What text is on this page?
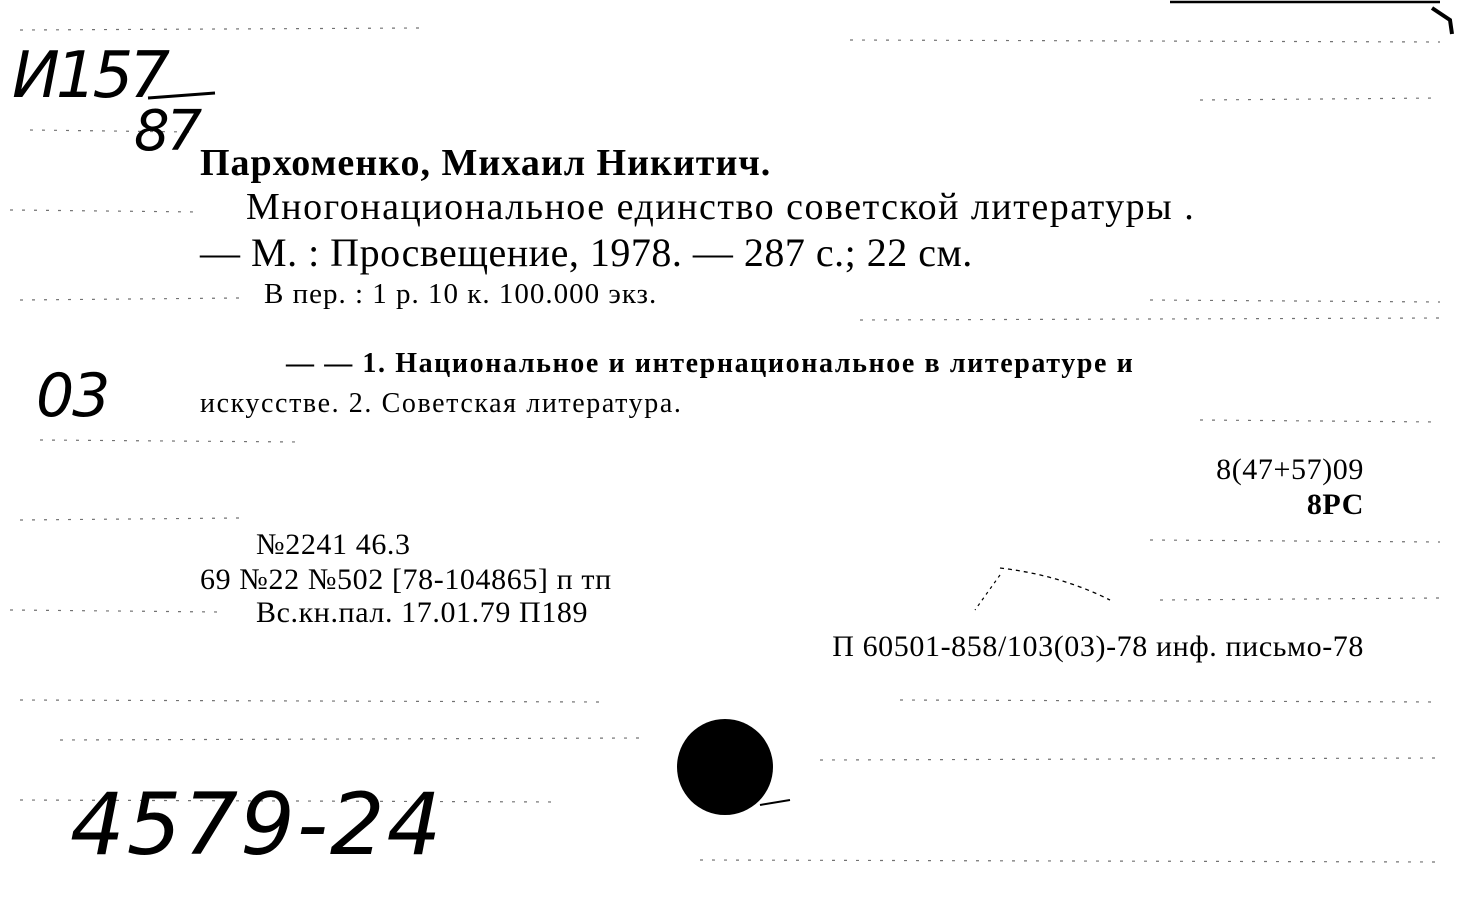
И157
87
03
4579-24
Пархоменко, Михаил Никитич.
Многонациональное единство советской литературы .
— М. : Просвещение, 1978. — 287 с.; 22 см.
В пер. : 1 р. 10 к. 100.000 экз.
— — 1. Национальное и интернациональное в литературе и
искусстве. 2. Советская литература.
8(47+57)09
8РС
№2241 46.3
69 №22 №502 [78-104865] п тп
Вс.кн.пал. 17.01.79 П189
П 60501-858/103(03)-78 инф. письмо-78
